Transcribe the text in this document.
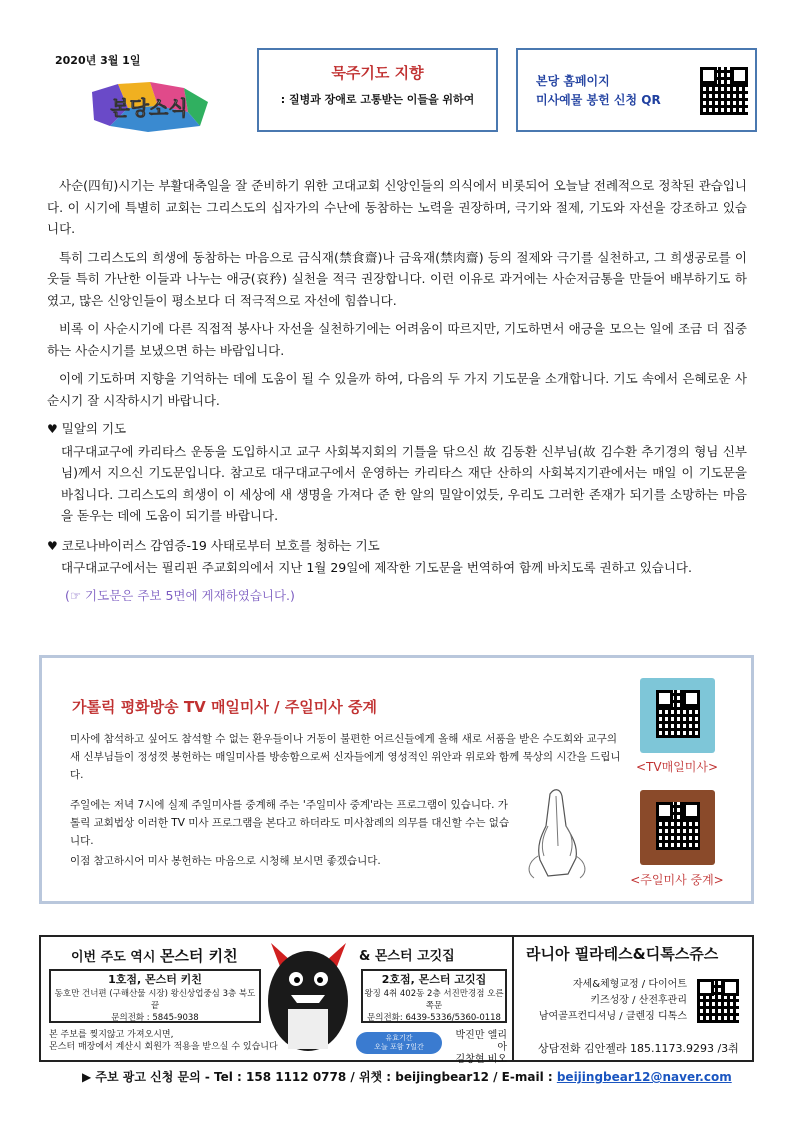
2020년 3월 1일
본당소식
묵주기도 지향
: 질병과 장애로 고통받는 이들을 위하여
본당 홈페이지
미사예물 봉헌 신청 QR

사순(四旬)시기는 부활대축일을 잘 준비하기 위한 고대교회 신앙인들의 의식에서 비롯되어 오늘날 전례적으로 정착된 관습입니다. 이 시기에 특별히 교회는 그리스도의 십자가의 수난에 동참하는 노력을 권장하며, 극기와 절제, 기도와 자선을 강조하고 있습니다.

특히 그리스도의 희생에 동참하는 마음으로 금식재(禁食齋)나 금육재(禁肉齋) 등의 절제와 극기를 실천하고, 그 희생공로를 이웃들 특히 가난한 이들과 나누는 애긍(哀矜) 실천을 적극 권장합니다. 이런 이유로 과거에는 사순저금통을 만들어 배부하기도 하였고, 많은 신앙인들이 평소보다 더 적극적으로 자선에 힘씁니다.

비록 이 사순시기에 다른 직접적 봉사나 자선을 실천하기에는 어려움이 따르지만, 기도하면서 애긍을 모으는 일에 조금 더 집중하는 사순시기를 보냈으면 하는 바람입니다.

이에 기도하며 지향을 기억하는 데에 도움이 될 수 있을까 하여, 다음의 두 가지 기도문을 소개합니다. 기도 속에서 은혜로운 사순시기 잘 시작하시기 바랍니다.

♥ 밀알의 기도
대구대교구에 카리타스 운동을 도입하시고 교구 사회복지회의 기틀을 닦으신 故 김동환 신부님(故 김수환 추기경의 형님 신부님)께서 지으신 기도문입니다. 참고로 대구대교구에서 운영하는 카리타스 재단 산하의 사회복지기관에서는 매일 이 기도문을 바칩니다. 그리스도의 희생이 이 세상에 새 생명을 가져다 준 한 알의 밀알이었듯, 우리도 그러한 존재가 되기를 소망하는 마음을 돋우는 데에 도움이 되기를 바랍니다.
♥ 코로나바이러스 감염증-19 사태로부터 보호를 청하는 기도
대구대교구에서는 필리핀 주교회의에서 지난 1월 29일에 제작한 기도문을 번역하여 함께 바치도록 권하고 있습니다.
(☞ 기도문은 주보 5면에 게재하였습니다.)
가톨릭 평화방송 TV 매일미사 / 주일미사 중계
미사에 참석하고 싶어도 참석할 수 없는 환우들이나 거동이 불편한 어르신들에게 올해 새로 서품을 받은 수도회와 교구의 새 신부님들이 정성껏 봉헌하는 매일미사를 방송함으로써 신자들에게 영성적인 위안과 위로와 함께 묵상의 시간을 드립니다.
주일에는 저녁 7시에 실제 주일미사를 중계해 주는 '주일미사 중계'라는 프로그램이 있습니다. 가톨릭 교회법상 이러한 TV 미사 프로그램을 본다고 하더라도 미사참례의 의무를 대신할 수는 없습니다.
이점 참고하시어 미사 봉헌하는 마음으로 시청해 보시면 좋겠습니다.
<TV매일미사>
<주일미사 중계>
이번 주도 역시 몬스터 키친	& 몬스터 고깃집
1호점, 몬스터 키친
동호만 건너편 (구해산물 시장) 왕신상업중심 3층 북도끝
문의전화 : 5845-9038
2호점, 몬스터 고깃집
왕징 4취 402동 2층 서진만경점 오른쪽문
문의전화: 6439-5336/5360-0118
본 주보를 찢지않고 가져오시면,
몬스터 매장에서 계산시 회원가 적용을 받으실 수 있습니다
유효기간
오늘 포함 7일간
박진만 엘리아
김창현 비오
라니아 필라테스&디톡스쥬스
자세&체형교정 / 다이어트
키즈성장 / 산전후관리
남여골프컨디셔닝 / 클렌징 디톡스
상담전화 김안젤라 185.1173.9293 /3취
▶ 주보 광고 신청 문의 - Tel : 158 1112 0778 / 위챗 : beijingbear12 / E-mail : beijingbear12@naver.com
